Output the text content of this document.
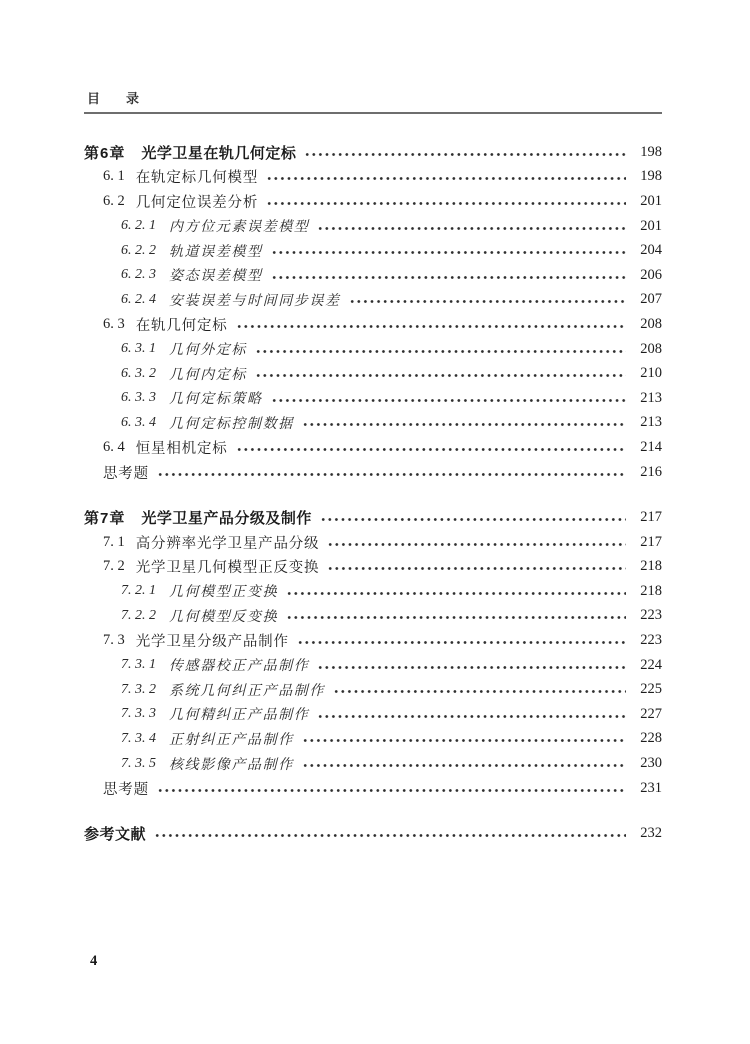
目　　录
第6章 光学卫星在轨几何定标	198
6. 1 在轨定标几何模型	198
6. 2 几何定位误差分析	201
6. 2. 1 内方位元素误差模型	201
6. 2. 2 轨道误差模型	204
6. 2. 3 姿态误差模型	206
6. 2. 4 安装误差与时间同步误差	207
6. 3 在轨几何定标	208
6. 3. 1 几何外定标	208
6. 3. 2 几何内定标	210
6. 3. 3 几何定标策略	213
6. 3. 4 几何定标控制数据	213
6. 4 恒星相机定标	214
思考题	216
第7章 光学卫星产品分级及制作	217
7. 1 高分辨率光学卫星产品分级	217
7. 2 光学卫星几何模型正反变换	218
7. 2. 1 几何模型正变换	218
7. 2. 2 几何模型反变换	223
7. 3 光学卫星分级产品制作	223
7. 3. 1 传感器校正产品制作	224
7. 3. 2 系统几何纠正产品制作	225
7. 3. 3 几何精纠正产品制作	227
7. 3. 4 正射纠正产品制作	228
7. 3. 5 核线影像产品制作	230
思考题	231
参考文献	232
4
